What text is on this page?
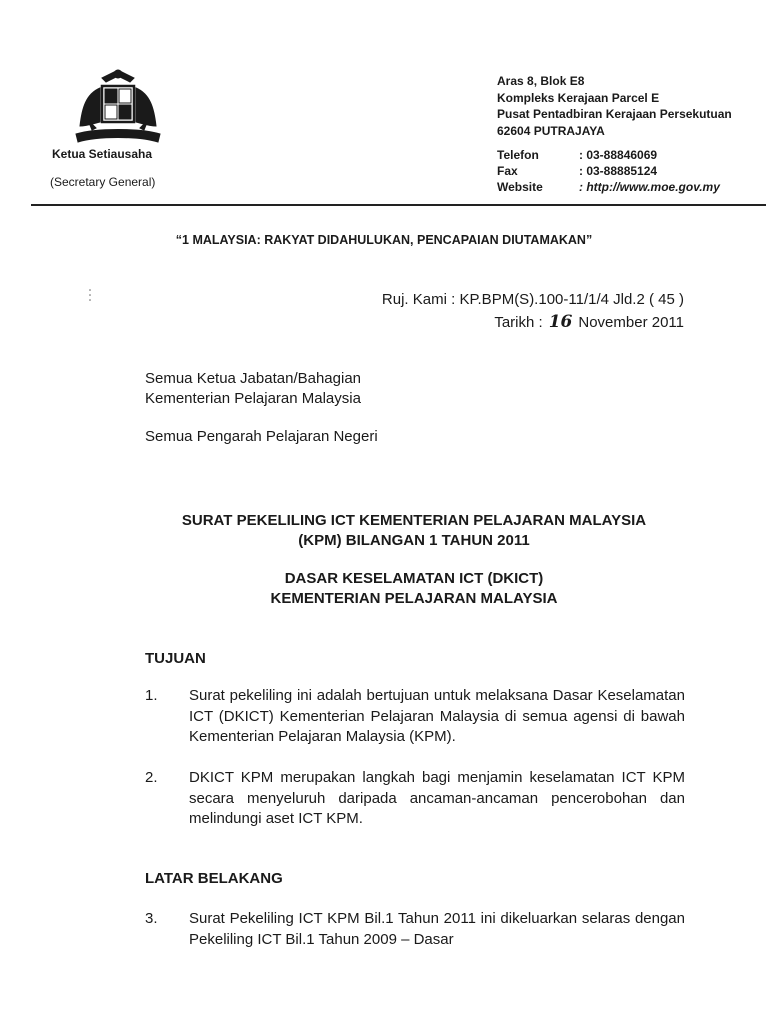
Ketua Setiausaha
(Secretary General)
Aras 8, Blok E8
Kompleks Kerajaan Parcel E
Pusat Pentadbiran Kerajaan Persekutuan
62604 PUTRAJAYA
Telefon	: 03-88846069
Fax	: 03-88885124
Website	: http://www.moe.gov.my
“1 MALAYSIA: RAKYAT DIDAHULUKAN, PENCAPAIAN DIUTAMAKAN”
Ruj. Kami : KP.BPM(S).100-11/1/4 Jld.2 ( 45 )
Tarikh : 16 November 2011
Semua Ketua Jabatan/Bahagian
Kementerian Pelajaran Malaysia
Semua Pengarah Pelajaran Negeri
SURAT PEKELILING ICT KEMENTERIAN PELAJARAN MALAYSIA
(KPM) BILANGAN 1 TAHUN 2011
DASAR KESELAMATAN ICT (DKICT)
KEMENTERIAN PELAJARAN MALAYSIA
TUJUAN
1.	Surat pekeliling ini adalah bertujuan untuk melaksana Dasar Keselamatan ICT (DKICT) Kementerian Pelajaran Malaysia di semua agensi di bawah Kementerian Pelajaran Malaysia (KPM).
2.	DKICT KPM merupakan langkah bagi menjamin keselamatan ICT KPM secara menyeluruh daripada ancaman-ancaman pencerobohan dan melindungi aset ICT KPM.
LATAR BELAKANG
3.	Surat Pekeliling ICT KPM Bil.1 Tahun 2011 ini dikeluarkan selaras dengan Pekeliling ICT Bil.1 Tahun 2009 – Dasar
